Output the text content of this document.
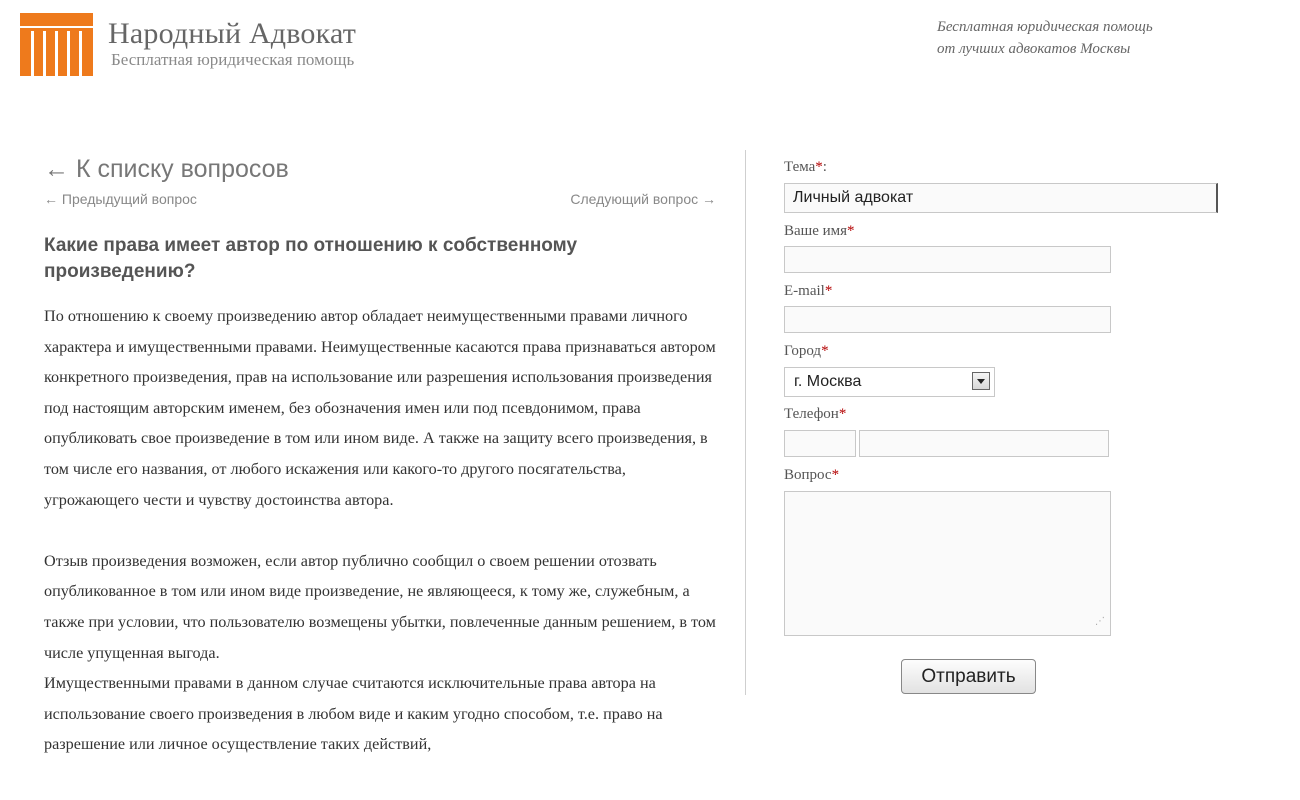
Народный Адвокат
Бесплатная юридическая помощь
Бесплатная юридическая помощь
от лучших адвокатов Москвы
← К списку вопросов
← Предыдущий вопрос	Следующий вопрос →
Какие права имеет автор по отношению к собственному произведению?

По отношению к своему произведению автор обладает неимущественными правами личного характера и имущественными правами. Неимущественные касаются права признаваться автором конкретного произведения, прав на использование или разрешения использования произведения под настоящим авторским именем, без обозначения имен или под псевдонимом, права опубликовать свое произведение в том или ином виде. А также на защиту всего произведения, в том числе его названия, от любого искажения или какого-то другого посягательства, угрожающего чести и чувству достоинства автора.

Отзыв произведения возможен, если автор публично сообщил о своем решении отозвать опубликованное в том или ином виде произведение, не являющееся, к тому же, служебным, а также при условии, что пользователю возмещены убытки, повлеченные данным решением, в том числе упущенная выгода.

Имущественными правами в данном случае считаются исключительные права автора на использование своего произведения в любом виде и каким угодно способом, т.е. право на разрешение или личное осуществление таких действий,

Тема*:
Личный адвокат
Ваше имя*
E-mail*
Город*
г. Москва
Телефон*
Вопрос*
⋰
Отправить
